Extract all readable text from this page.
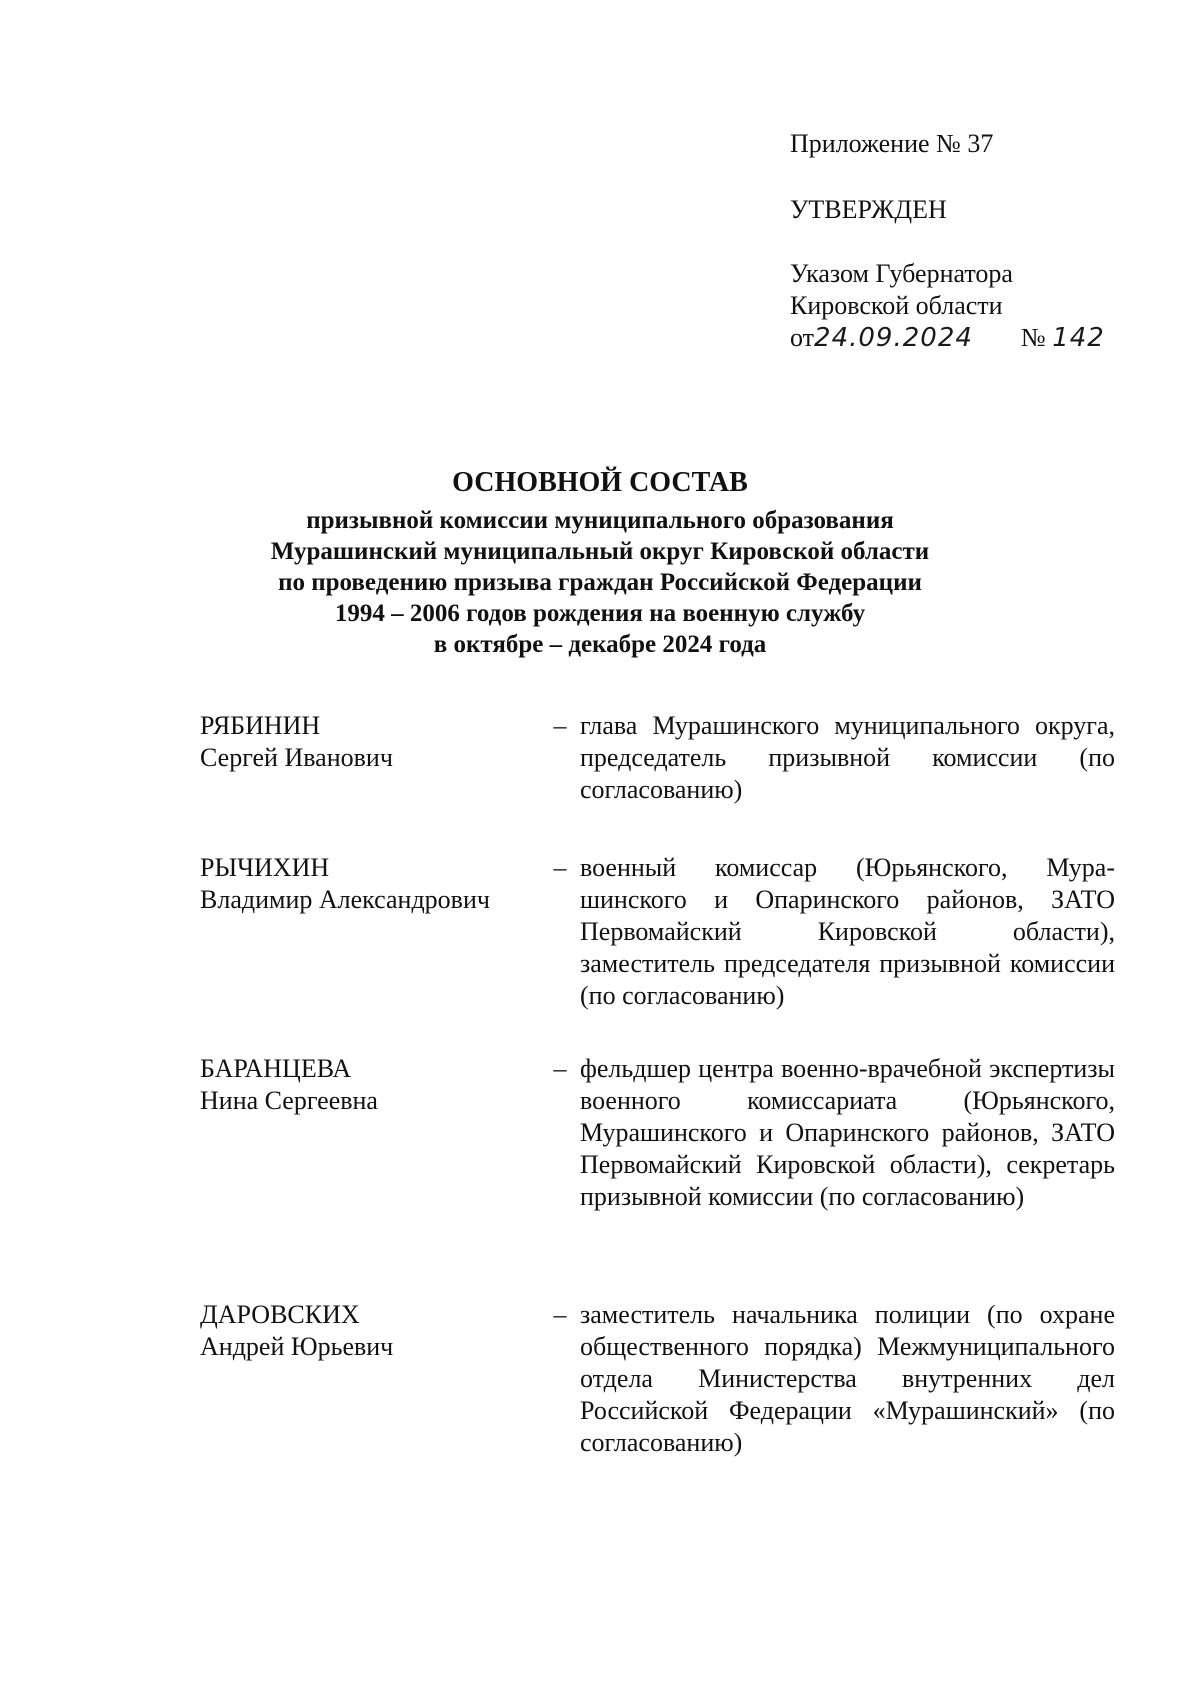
Приложение № 37
УТВЕРЖДЕН
Указом Губернатора
Кировской области
от24.09.2024 № 142
ОСНОВНОЙ СОСТАВ
призывной комиссии муниципального образования
Мурашинский муниципальный округ Кировской области
по проведению призыва граждан Российской Федерации
1994 – 2006 годов рождения на военную службу
в октябре – декабре 2024 года
РЯБИНИН
Сергей Иванович
– глава Мурашинского муниципального округа, председатель призывной комиссии (по согласованию)
РЫЧИХИН
Владимир Александрович
– военный комиссар (Юрьянского, Мурашинского и Опаринского районов, ЗАТО Первомайский Кировской области), заместитель председателя призывной комиссии (по согласованию)
БАРАНЦЕВА
Нина Сергеевна
– фельдшер центра военно-врачебной экспертизы военного комиссариата (Юрьянского, Мурашинского и Опаринского районов, ЗАТО Первомайский Кировской области), секретарь призывной комиссии (по согласованию)
ДАРОВСКИХ
Андрей Юрьевич
– заместитель начальника полиции (по охране общественного порядка) Межмуниципального отдела Министерства внутренних дел Российской Федерации «Мурашинский» (по согласованию)
